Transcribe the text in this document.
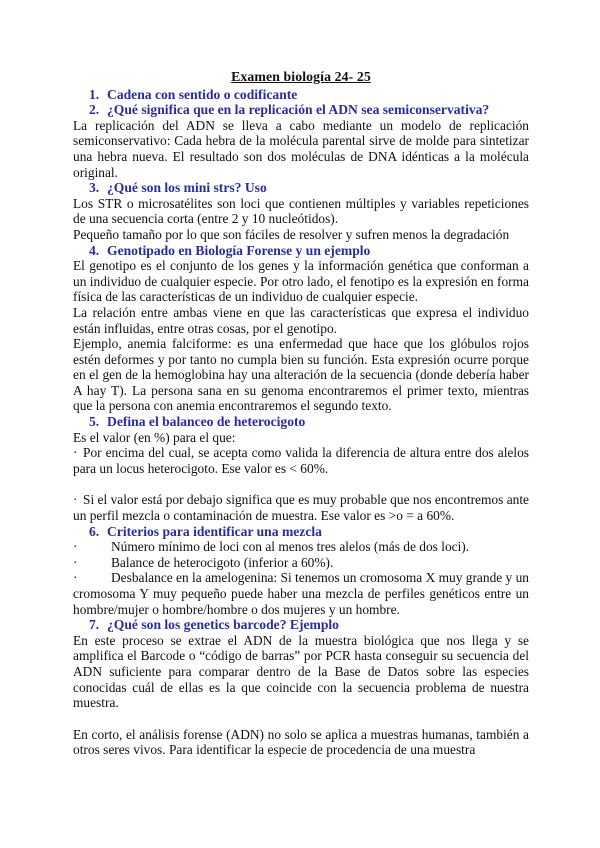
Examen biología 24- 25
1. Cadena con sentido o codificante
2. ¿Qué significa que en la replicación el ADN sea semiconservativa?

La replicación del ADN se lleva a cabo mediante un modelo de replicación semiconservativo: Cada hebra de la molécula parental sirve de molde para sintetizar una hebra nueva. El resultado son dos moléculas de DNA idénticas a la molécula original.

3. ¿Qué son los mini strs? Uso

Los STR o microsatélites son loci que contienen múltiples y variables repeticiones de una secuencia corta (entre 2 y 10 nucleótidos).

Pequeño tamaño por lo que son fáciles de resolver y sufren menos la degradación

4. Genotipado en Biología Forense y un ejemplo

El genotipo es el conjunto de los genes y la información genética que conforman a un individuo de cualquier especie. Por otro lado, el fenotipo es la expresión en forma física de las características de un individuo de cualquier especie.

La relación entre ambas viene en que las características que expresa el individuo están influidas, entre otras cosas, por el genotipo.

Ejemplo, anemia falciforme: es una enfermedad que hace que los glóbulos rojos estén deformes y por tanto no cumpla bien su función. Esta expresión ocurre porque en el gen de la hemoglobina hay una alteración de la secuencia (donde debería haber A hay T). La persona sana en su genoma encontraremos el primer texto, mientras que la persona con anemia encontraremos el segundo texto.

5. Defina el balanceo de heterocigoto

Es el valor (en %) para el que:

· Por encima del cual, se acepta como valida la diferencia de altura entre dos alelos para un locus heterocigoto. Ese valor es < 60%.

· Si el valor está por debajo significa que es muy probable que nos encontremos ante un perfil mezcla o contaminación de muestra. Ese valor es >o = a 60%.

6. Criterios para identificar una mezcla

·	Número mínimo de loci con al menos tres alelos (más de dos loci).

·	Balance de heterocigoto (inferior a 60%).

·	Desbalance en la amelogenina: Si tenemos un cromosoma X muy grande y un cromosoma Y muy pequeño puede haber una mezcla de perfiles genéticos entre un hombre/mujer o hombre/hombre o dos mujeres y un hombre.

7. ¿Qué son los genetics barcode? Ejemplo

En este proceso se extrae el ADN de la muestra biológica que nos llega y se amplifica el Barcode o “código de barras” por PCR hasta conseguir su secuencia del ADN suficiente para comparar dentro de la Base de Datos sobre las especies conocidas cuál de ellas es la que coincide con la secuencia problema de nuestra muestra.

En corto, el análisis forense (ADN) no solo se aplica a muestras humanas, también a otros seres vivos. Para identificar la especie de procedencia de una muestra
